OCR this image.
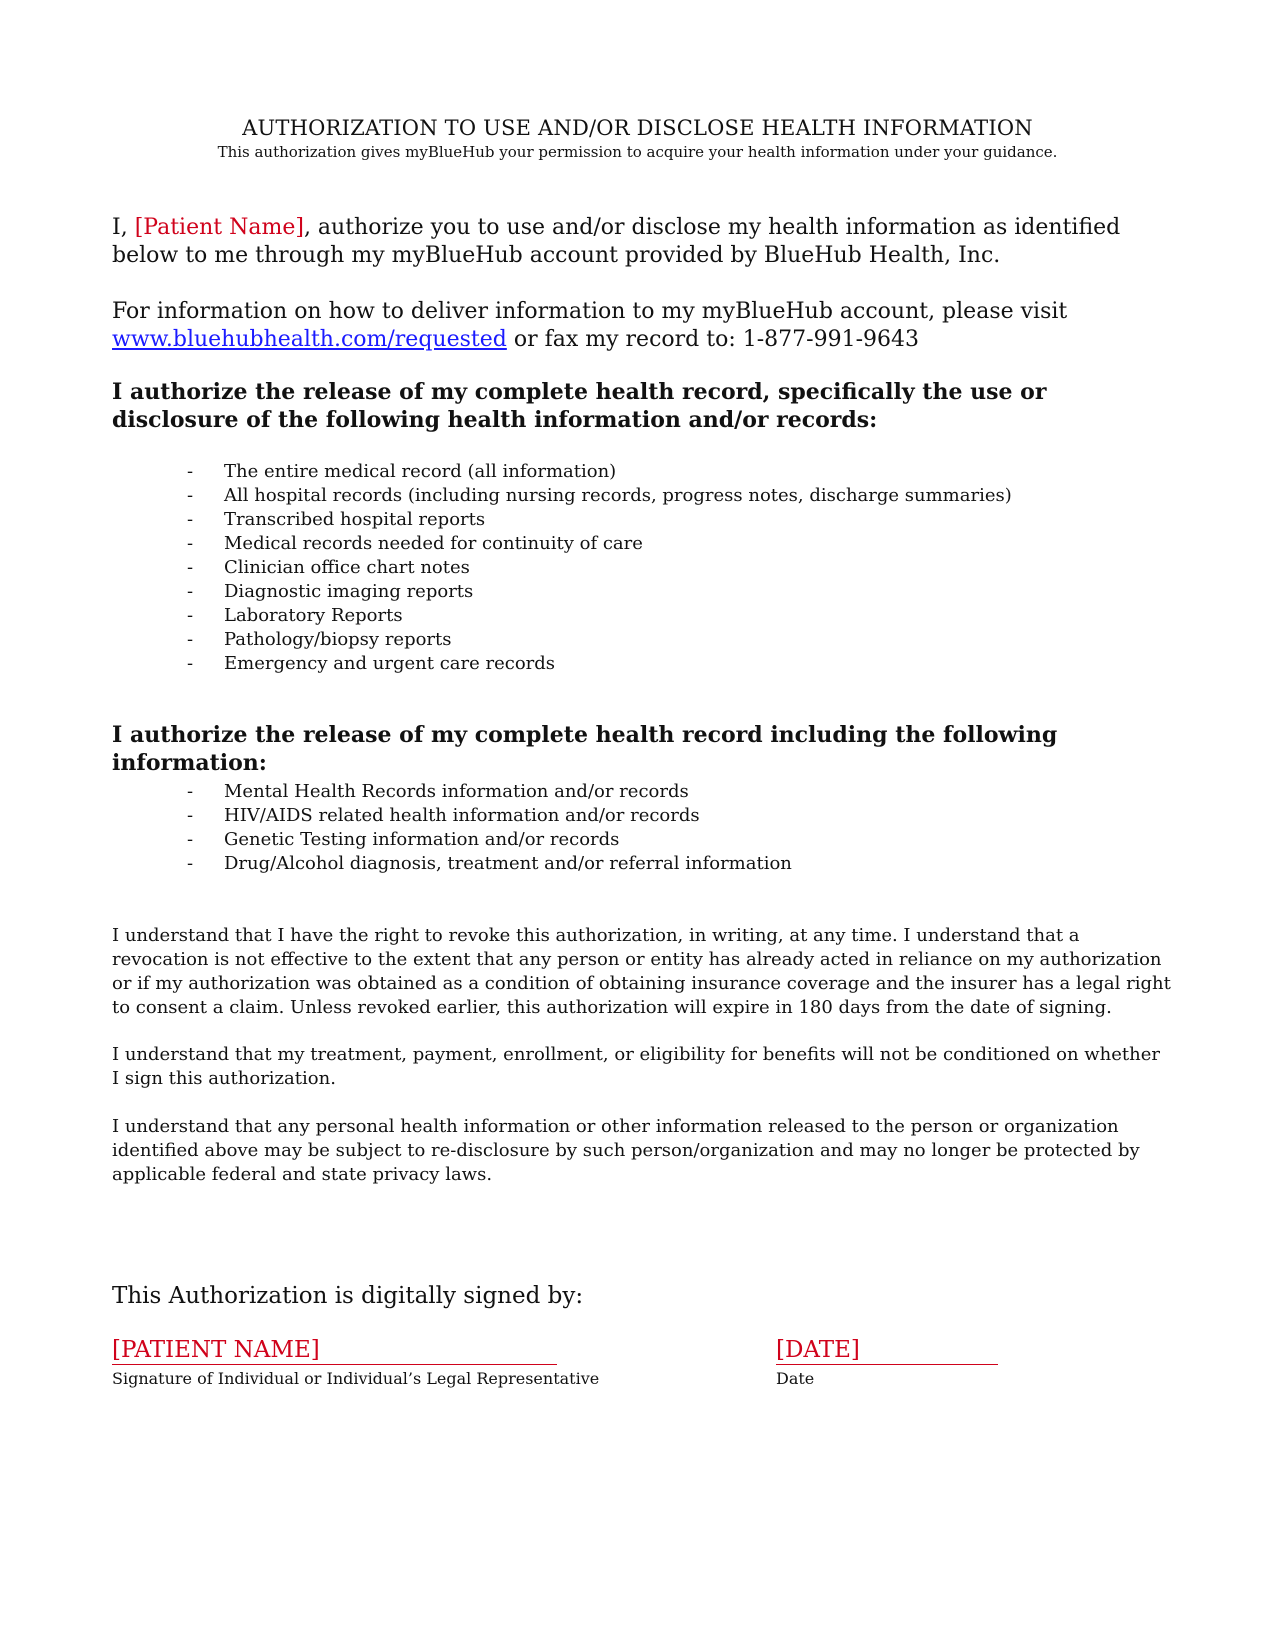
AUTHORIZATION TO USE AND/OR DISCLOSE HEALTH INFORMATION
This authorization gives myBlueHub your permission to acquire your health information under your guidance.
I, [Patient Name], authorize you to use and/or disclose my health information as identified below to me through my myBlueHub account provided by BlueHub Health, Inc.
For information on how to deliver information to my myBlueHub account, please visit www.bluehubhealth.com/requested or fax my record to: 1-877-991-9643
I authorize the release of my complete health record, specifically the use or disclosure of the following health information and/or records:
- The entire medical record (all information)
- All hospital records (including nursing records, progress notes, discharge summaries)
- Transcribed hospital reports
- Medical records needed for continuity of care
- Clinician office chart notes
- Diagnostic imaging reports
- Laboratory Reports
- Pathology/biopsy reports
- Emergency and urgent care records
I authorize the release of my complete health record including the following information:
- Mental Health Records information and/or records
- HIV/AIDS related health information and/or records
- Genetic Testing information and/or records
- Drug/Alcohol diagnosis, treatment and/or referral information
I understand that I have the right to revoke this authorization, in writing, at any time. I understand that a revocation is not effective to the extent that any person or entity has already acted in reliance on my authorization or if my authorization was obtained as a condition of obtaining insurance coverage and the insurer has a legal right to consent a claim. Unless revoked earlier, this authorization will expire in 180 days from the date of signing.
I understand that my treatment, payment, enrollment, or eligibility for benefits will not be conditioned on whether I sign this authorization.
I understand that any personal health information or other information released to the person or organization identified above may be subject to re-disclosure by such person/organization and may no longer be protected by applicable federal and state privacy laws.
This Authorization is digitally signed by:
[PATIENT NAME]
Signature of Individual or Individual’s Legal Representative
[DATE]
Date
